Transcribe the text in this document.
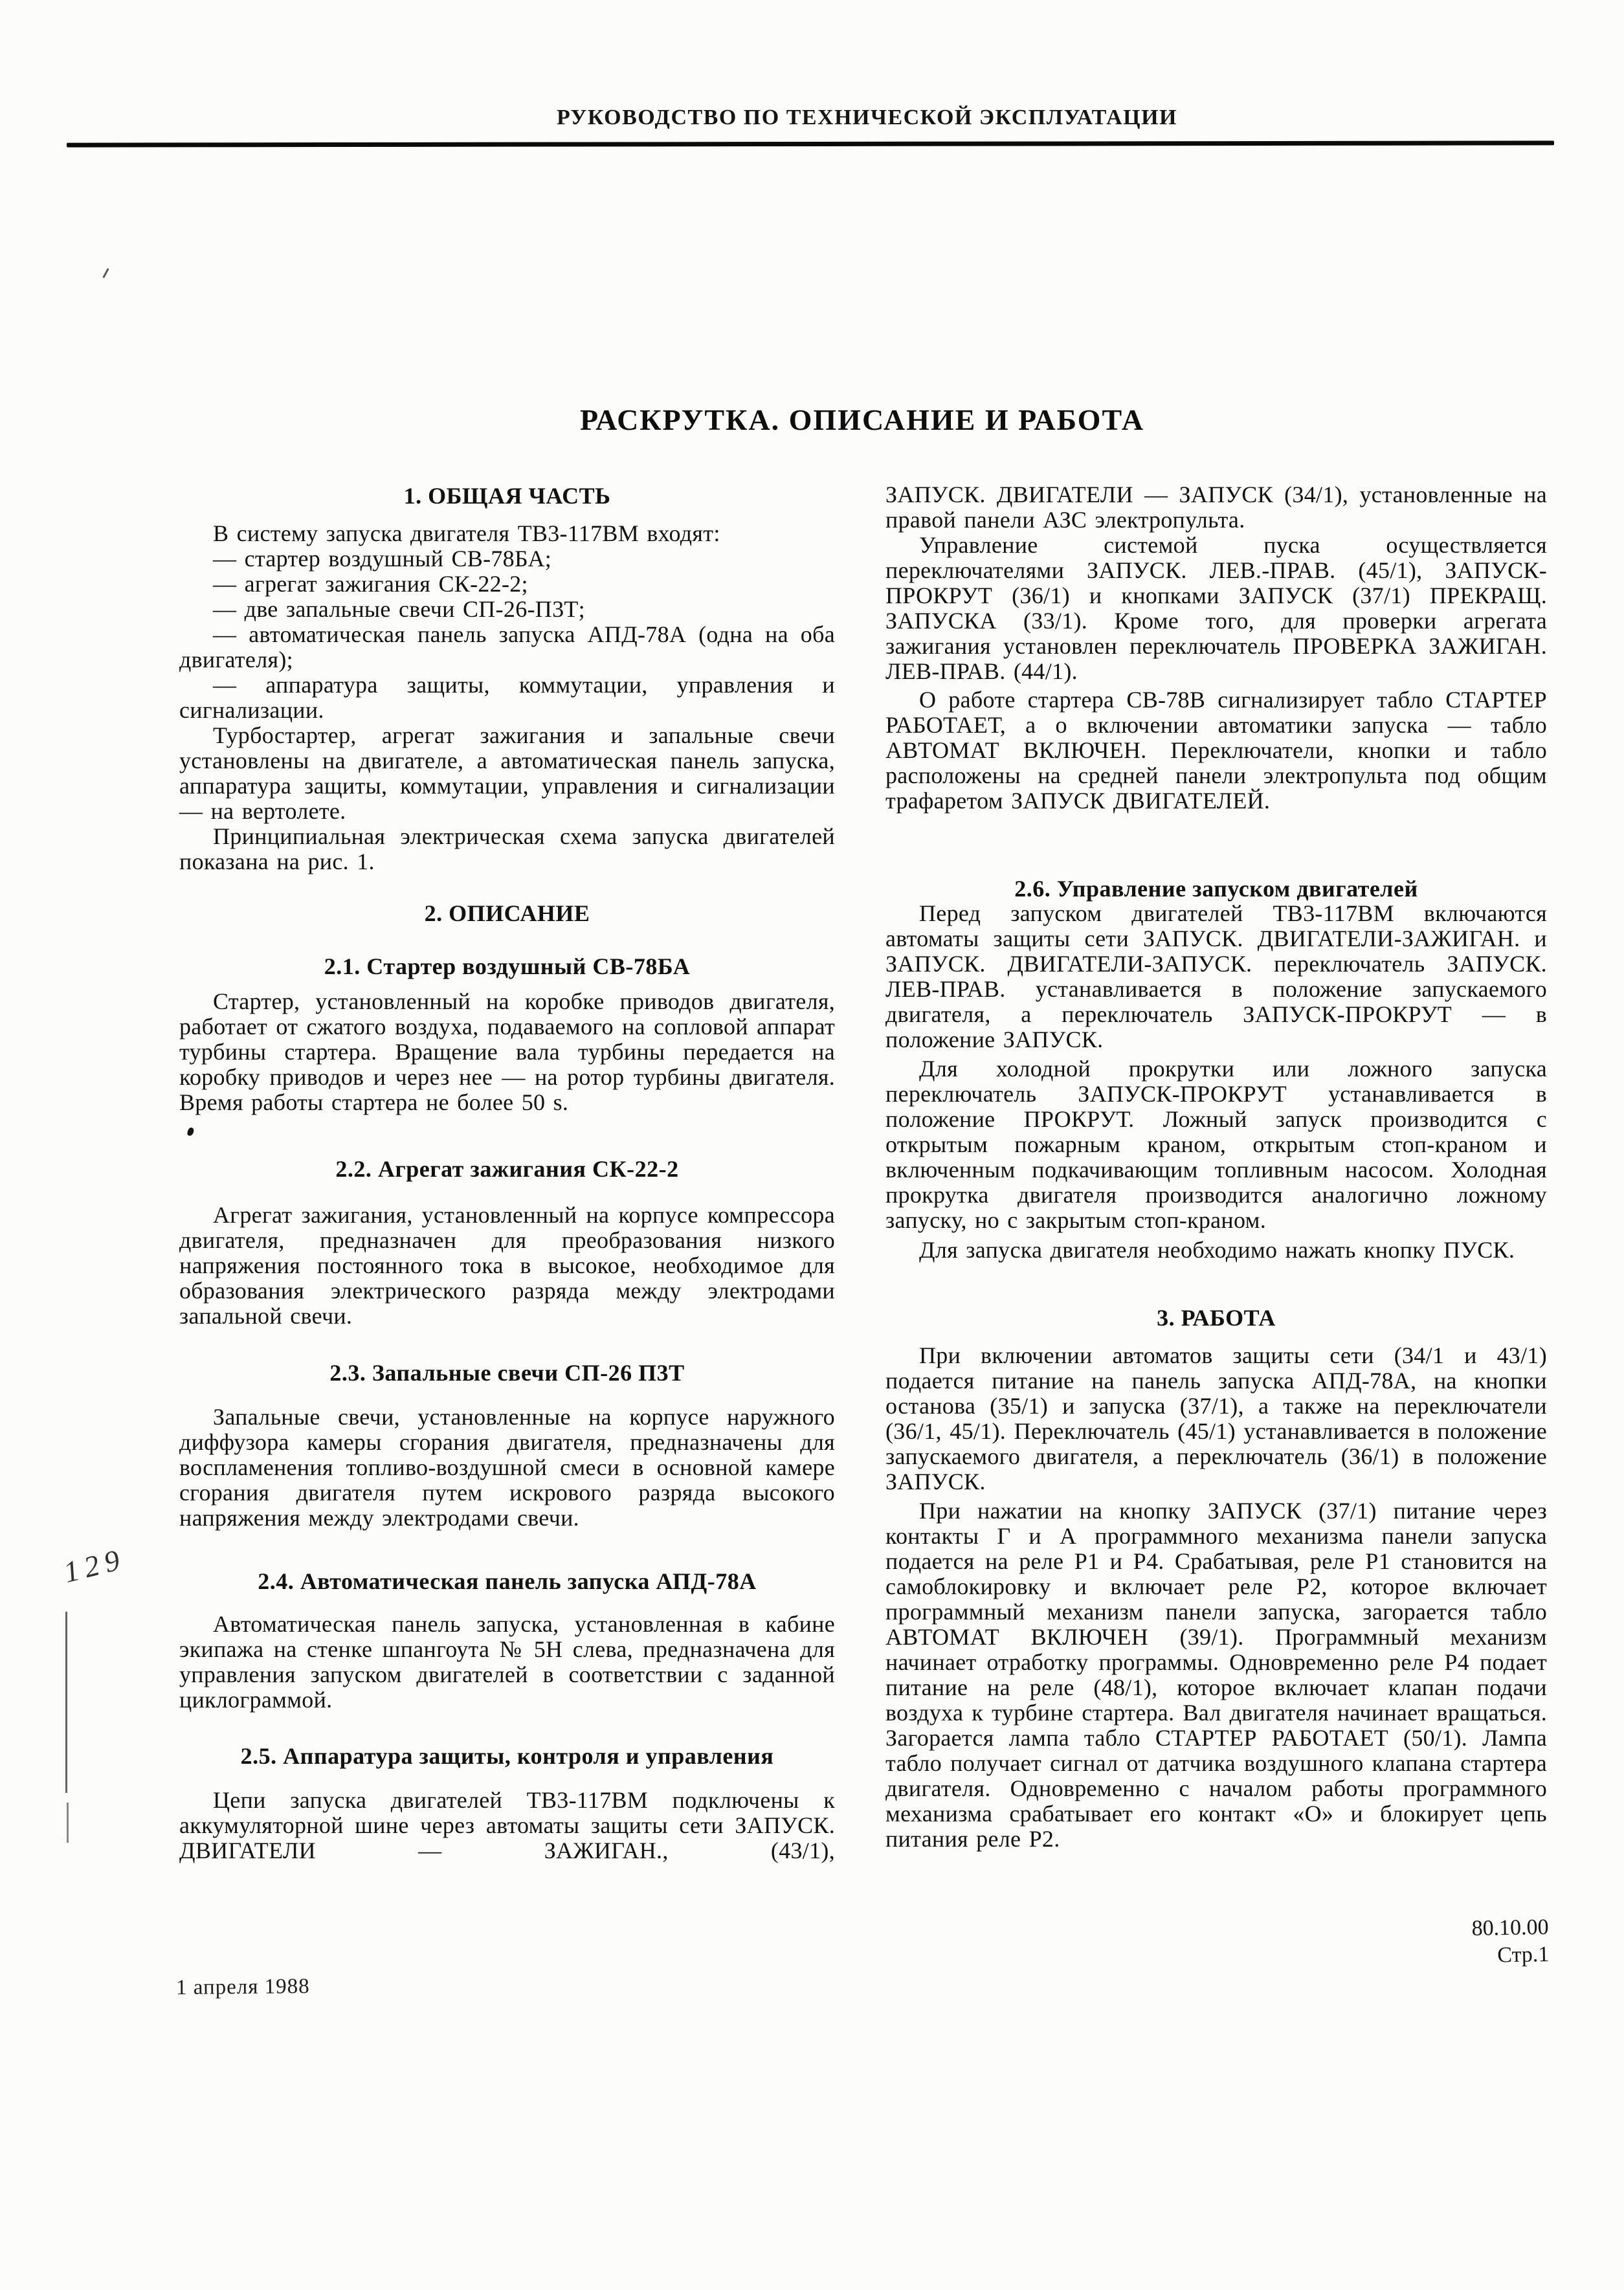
РУКОВОДСТВО ПО ТЕХНИЧЕСКОЙ ЭКСПЛУАТАЦИИ
РАСКРУТКА. ОПИСАНИЕ И РАБОТА
1. ОБЩАЯ ЧАСТЬ

В систему запуска двигателя ТВ3-117ВМ входят:

— стартер воздушный СВ-78БА;

— агрегат зажигания СК-22-2;

— две запальные свечи СП-26-П3Т;

— автоматическая панель запуска АПД-78А (одна на оба двигателя);

— аппаратура защиты, коммутации, управления и сигнализации.

Турбостартер, агрегат зажигания и запальные свечи установлены на двигателе, а автоматическая панель запуска, аппаратура защиты, коммутации, управления и сигнализации — на вертолете.

Принципиальная электрическая схема запуска двигателей показана на рис. 1.

2. ОПИСАНИЕ
2.1. Стартер воздушный СВ-78БА

Стартер, установленный на коробке приводов двигателя, работает от сжатого воздуха, подаваемого на сопловой аппарат турбины стартера. Вращение вала турбины передается на коробку приводов и через нее — на ротор турбины двигателя. Время работы стартера не более 50 s.

2.2. Агрегат зажигания СК-22-2

Агрегат зажигания, установленный на корпусе компрессора двигателя, предназначен для преобразования низкого напряжения постоянного тока в высокое, необходимое для образования электрического разряда между электродами запальной свечи.

2.3. Запальные свечи СП-26 П3Т

Запальные свечи, установленные на корпусе наружного диффузора камеры сгорания двигателя, предназначены для воспламенения топливо-воздушной смеси в основной камере сгорания двигателя путем искрового разряда высокого напряжения между электродами свечи.

2.4. Автоматическая панель запуска АПД-78А

Автоматическая панель запуска, установленная в кабине экипажа на стенке шпангоута № 5Н слева, предназначена для управления запуском двигателей в соответствии с заданной циклограммой.

2.5. Аппаратура защиты, контроля и управления

Цепи запуска двигателей ТВ3-117ВМ подключены к аккумуляторной шине через автоматы защиты сети ЗАПУСК. ДВИГАТЕЛИ — ЗАЖИГАН., (43/1),

ЗАПУСК. ДВИГАТЕЛИ — ЗАПУСК (34/1), установленные на правой панели АЗС электропульта.

Управление системой пуска осуществляется переключателями ЗАПУСК. ЛЕВ.-ПРАВ. (45/1), ЗАПУСК-ПРОКРУТ (36/1) и кнопками ЗАПУСК (37/1) ПРЕКРАЩ. ЗАПУСКА (33/1). Кроме того, для проверки агрегата зажигания установлен переключатель ПРОВЕРКА ЗАЖИГАН. ЛЕВ-ПРАВ. (44/1).

О работе стартера СВ-78В сигнализирует табло СТАРТЕР РАБОТАЕТ, а о включении автоматики запуска — табло АВТОМАТ ВКЛЮЧЕН. Переключатели, кнопки и табло расположены на средней панели электропульта под общим трафаретом ЗАПУСК ДВИГАТЕЛЕЙ.

2.6. Управление запуском двигателей

Перед запуском двигателей ТВ3-117ВМ включаются автоматы защиты сети ЗАПУСК. ДВИГАТЕЛИ-ЗАЖИГАН. и ЗАПУСК. ДВИГАТЕЛИ-ЗАПУСК. переключатель ЗАПУСК. ЛЕВ-ПРАВ. устанавливается в положение запускаемого двигателя, а переключатель ЗАПУСК-ПРОКРУТ — в положение ЗАПУСК.

Для холодной прокрутки или ложного запуска переключатель ЗАПУСК-ПРОКРУТ устанавливается в положение ПРОКРУТ. Ложный запуск производится с открытым пожарным краном, открытым стоп-краном и включенным подкачивающим топливным насосом. Холодная прокрутка двигателя производится аналогично ложному запуску, но с закрытым стоп-краном.

Для запуска двигателя необходимо нажать кнопку ПУСК.

3. РАБОТА

При включении автоматов защиты сети (34/1 и 43/1) подается питание на панель запуска АПД-78А, на кнопки останова (35/1) и запуска (37/1), а также на переключатели (36/1, 45/1). Переключатель (45/1) устанавливается в положение запускаемого двигателя, а переключатель (36/1) в положение ЗАПУСК.

При нажатии на кнопку ЗАПУСК (37/1) питание через контакты Г и А программного механизма панели запуска подается на реле Р1 и Р4. Срабатывая, реле Р1 становится на самоблокировку и включает реле Р2, которое включает программный механизм панели запуска, загорается табло АВТОМАТ ВКЛЮЧЕН (39/1). Программный механизм начинает отработку программы. Одновременно реле Р4 подает питание на реле (48/1), которое включает клапан подачи воздуха к турбине стартера. Вал двигателя начинает вращаться. Загорается лампа табло СТАРТЕР РАБОТАЕТ (50/1). Лампа табло получает сигнал от датчика воздушного клапана стартера двигателя. Одновременно с началом работы программного механизма срабатывает его контакт «О» и блокирует цепь питания реле Р2.

129
1 апреля 1988
80.10.00
Стр.1
